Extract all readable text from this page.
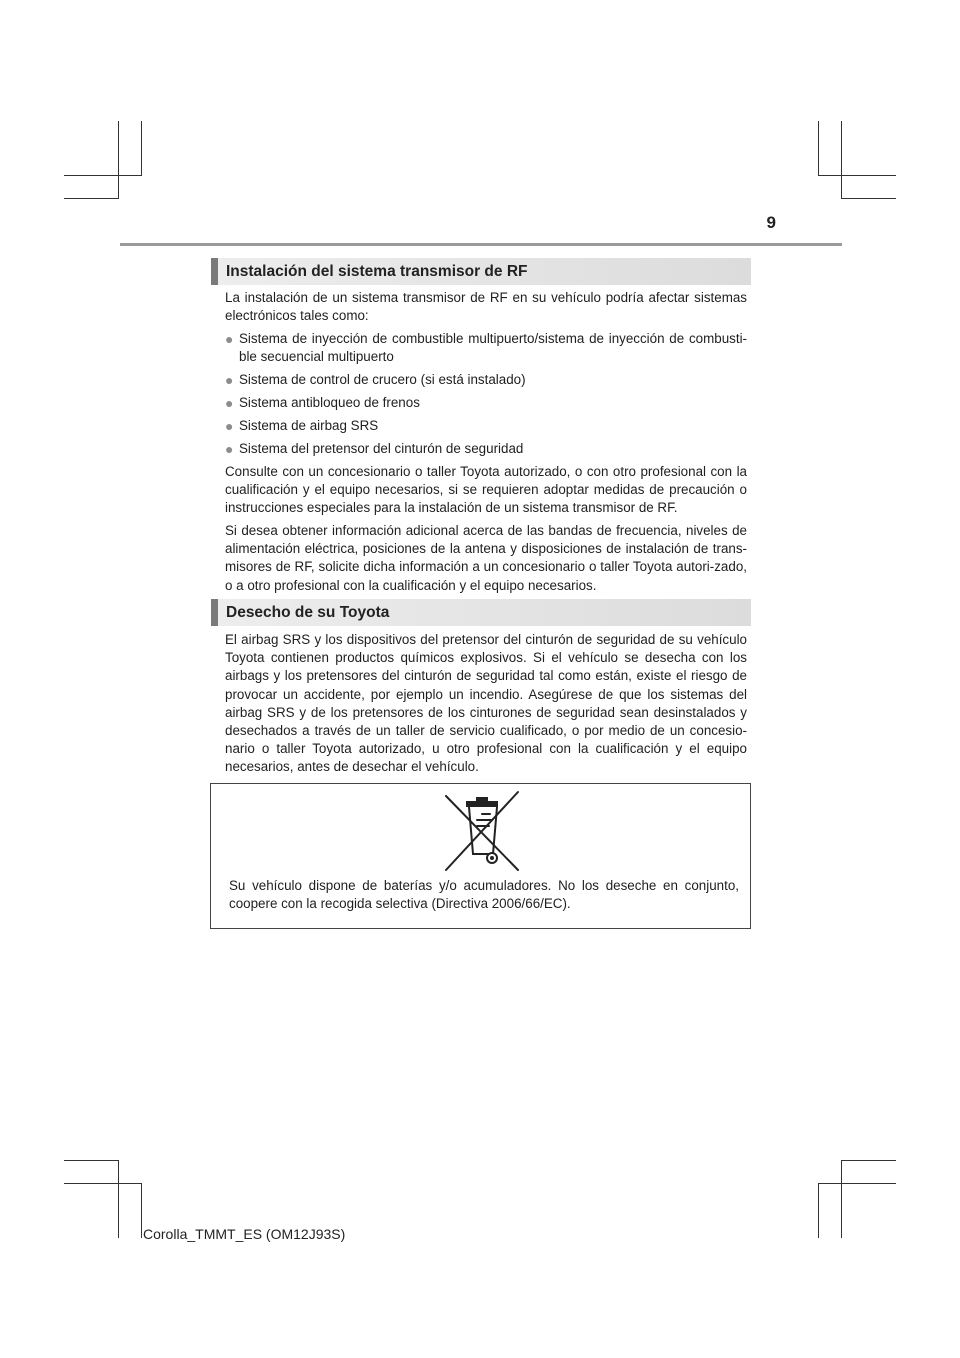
9
Instalación del sistema transmisor de RF

La instalación de un sistema transmisor de RF en su vehículo podría afectar sistemas electrónicos tales como:

● Sistema de inyección de combustible multipuerto/sistema de inyección de combusti-ble secuencial multipuerto
● Sistema de control de crucero (si está instalado)
● Sistema antibloqueo de frenos
● Sistema de airbag SRS
● Sistema del pretensor del cinturón de seguridad

Consulte con un concesionario o taller Toyota autorizado, o con otro profesional con la cualificación y el equipo necesarios, si se requieren adoptar medidas de precaución o instrucciones especiales para la instalación de un sistema transmisor de RF.

Si desea obtener información adicional acerca de las bandas de frecuencia, niveles de alimentación eléctrica, posiciones de la antena y disposiciones de instalación de trans-misores de RF, solicite dicha información a un concesionario o taller Toyota autori-zado, o a otro profesional con la cualificación y el equipo necesarios.

Desecho de su Toyota

El airbag SRS y los dispositivos del pretensor del cinturón de seguridad de su vehículo Toyota contienen productos químicos explosivos. Si el vehículo se desecha con los airbags y los pretensores del cinturón de seguridad tal como están, existe el riesgo de provocar un accidente, por ejemplo un incendio. Asegúrese de que los sistemas del airbag SRS y de los pretensores de los cinturones de seguridad sean desinstalados y desechados a través de un taller de servicio cualificado, o por medio de un concesio-nario o taller Toyota autorizado, u otro profesional con la cualificación y el equipo necesarios, antes de desechar el vehículo.

Su vehículo dispone de baterías y/o acumuladores. No los deseche en conjunto, coopere con la recogida selectiva (Directiva 2006/66/EC).
Corolla_TMMT_ES (OM12J93S)
